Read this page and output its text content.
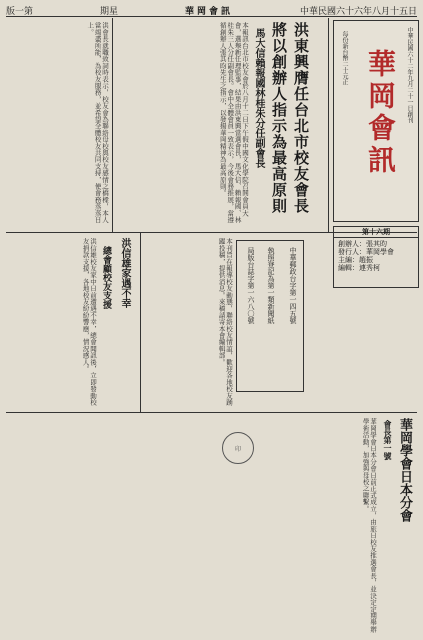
版一第	期星	華岡會訊	中華民國六十六年八月十五日
華岡會訊	中華民國六十二年九月二十一日創刊
每份新台幣二十元正
第十六期
創辦人：張其昀
發行人：華岡學會
主編：趙振
編輯：連秀柯
中華郵政台字第一四五號
執照登記為第一類新聞紙
局版台誌字第一六八〇號
洪東興膺任台北市校友會長
將以創辦人指示為最高原則
馬大信賴報國林桂朱分任副會長
本報訊台北市校友會於八月十二日下午假中國文化學院召開會員大會，選舉新任理監事，結果由洪東興當選會長，馬大信、賴報國、林桂朱三人分任副會長。會中全體會員一致表示，今後會務推展，當遵循創辦人張其昀先生之指示，以發揚華岡精神為最高原則。
洪會長就職致詞時表示，校友會為聯絡母校與校友感情之橋樑，本人當竭盡所能，為校友服務，並希望全體校友共同支持，使會務蒸蒸日上。
洪信雄家遇不幸
總會顧校友支援
洪信雄校友家中日前遭遇不幸，總會聞訊後，立即發動校友捐款支援，各地校友紛紛響應，情況感人。	本刊旨在報導校友動態，聯絡校友情誼，歡迎各地校友踴躍投稿，提供消息。來稿請寄本會編輯部。
印	華岡學會日本分會
會長第一號
華岡學會日本分會日前正式成立，由旅日校友推選會長，並決定定期舉辦學術活動，加強與母校之聯繫。
